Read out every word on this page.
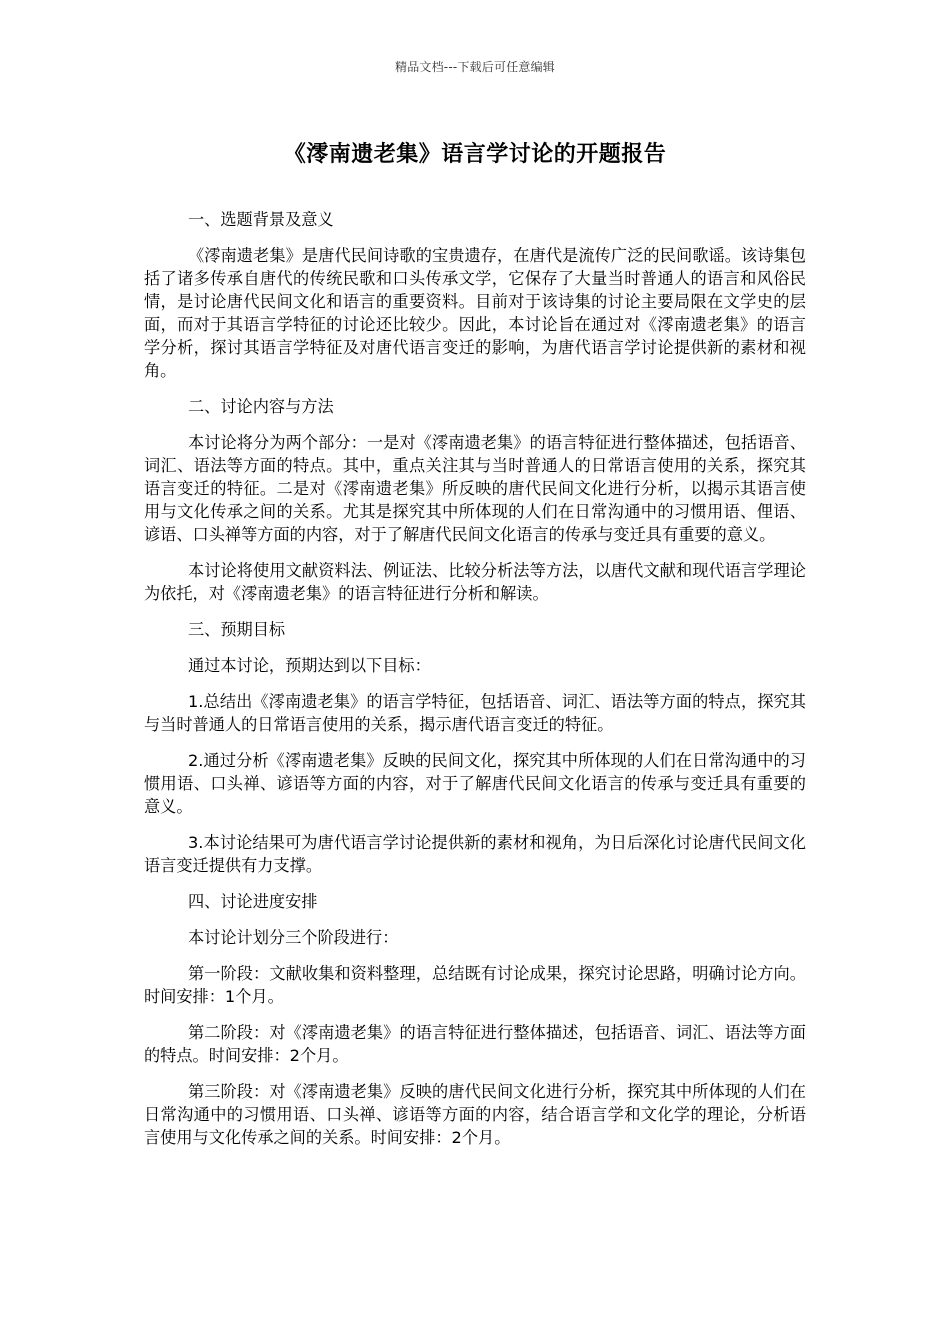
精品文档---下载后可任意编辑
《澪南遗老集》语言学讨论的开题报告

一、选题背景及意义

《澪南遗老集》是唐代民间诗歌的宝贵遗存，在唐代是流传广泛的民间歌谣。该诗集包括了诸多传承自唐代的传统民歌和口头传承文学，它保存了大量当时普通人的语言和风俗民情，是讨论唐代民间文化和语言的重要资料。目前对于该诗集的讨论主要局限在文学史的层面，而对于其语言学特征的讨论还比较少。因此，本讨论旨在通过对《澪南遗老集》的语言学分析，探讨其语言学特征及对唐代语言变迁的影响，为唐代语言学讨论提供新的素材和视角。

二、讨论内容与方法

本讨论将分为两个部分：一是对《澪南遗老集》的语言特征进行整体描述，包括语音、词汇、语法等方面的特点。其中，重点关注其与当时普通人的日常语言使用的关系，探究其语言变迁的特征。二是对《澪南遗老集》所反映的唐代民间文化进行分析，以揭示其语言使用与文化传承之间的关系。尤其是探究其中所体现的人们在日常沟通中的习惯用语、俚语、谚语、口头禅等方面的内容，对于了解唐代民间文化语言的传承与变迁具有重要的意义。

本讨论将使用文献资料法、例证法、比较分析法等方法，以唐代文献和现代语言学理论为依托，对《澪南遗老集》的语言特征进行分析和解读。

三、预期目标

通过本讨论，预期达到以下目标：

1.总结出《澪南遗老集》的语言学特征，包括语音、词汇、语法等方面的特点，探究其与当时普通人的日常语言使用的关系，揭示唐代语言变迁的特征。

2.通过分析《澪南遗老集》反映的民间文化，探究其中所体现的人们在日常沟通中的习惯用语、口头禅、谚语等方面的内容，对于了解唐代民间文化语言的传承与变迁具有重要的意义。

3.本讨论结果可为唐代语言学讨论提供新的素材和视角，为日后深化讨论唐代民间文化语言变迁提供有力支撑。

四、讨论进度安排

本讨论计划分三个阶段进行：

第一阶段：文献收集和资料整理，总结既有讨论成果，探究讨论思路，明确讨论方向。时间安排：1个月。

第二阶段：对《澪南遗老集》的语言特征进行整体描述，包括语音、词汇、语法等方面的特点。时间安排：2个月。

第三阶段：对《澪南遗老集》反映的唐代民间文化进行分析，探究其中所体现的人们在日常沟通中的习惯用语、口头禅、谚语等方面的内容，结合语言学和文化学的理论，分析语言使用与文化传承之间的关系。时间安排：2个月。
